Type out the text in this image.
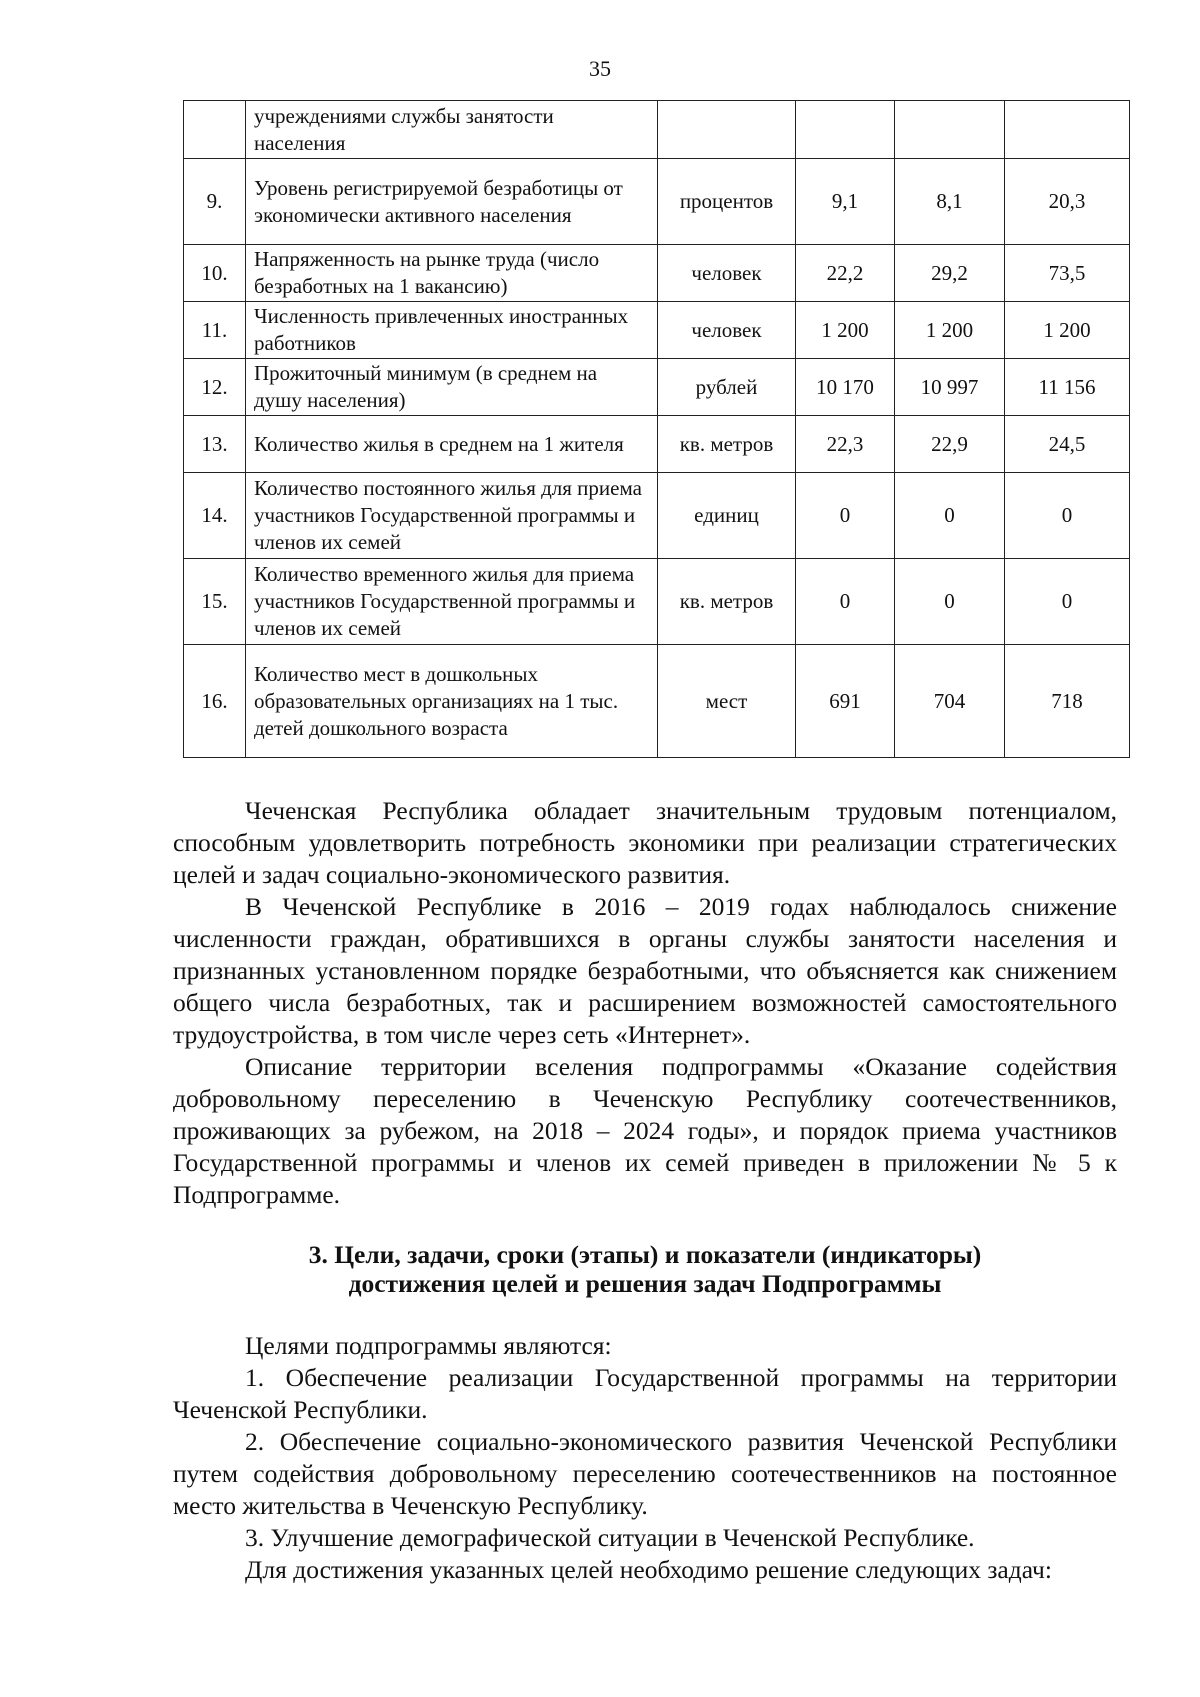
35
	учреждениями службы занятости населения				
9.	Уровень регистрируемой безработицы от экономически активного населения	процентов	9,1	8,1	20,3
10.	Напряженность на рынке труда (число безработных на 1 вакансию)	человек	22,2	29,2	73,5
11.	Численность привлеченных иностранных работников	человек	1 200	1 200	1 200
12.	Прожиточный минимум (в среднем на душу населения)	рублей	10 170	10 997	11 156
13.	Количество жилья в среднем на 1 жителя	кв. метров	22,3	22,9	24,5
14.	Количество постоянного жилья для приема участников Государственной программы и членов их семей	единиц	0	0	0
15.	Количество временного жилья для приема участников Государственной программы и членов их семей	кв. метров	0	0	0
16.	Количество мест в дошкольных образовательных организациях на 1 тыс. детей дошкольного возраста	мест	691	704	718

Чеченская Республика обладает значительным трудовым потенциалом, способным удовлетворить потребность экономики при реализации стратегических целей и задач социально-экономического развития.

В Чеченской Республике в 2016 – 2019 годах наблюдалось снижение численности граждан, обратившихся в органы службы занятости населения и признанных установленном порядке безработными, что объясняется как снижением общего числа безработных, так и расширением возможностей самостоятельного трудоустройства, в том числе через сеть «Интернет».

Описание территории вселения подпрограммы «Оказание содействия добровольному переселению в Чеченскую Республику соотечественников, проживающих за рубежом, на 2018 – 2024 годы», и порядок приема участников Государственной программы и членов их семей приведен в приложении № 5 к Подпрограмме.

3. Цели, задачи, сроки (этапы) и показатели (индикаторы)
достижения целей и решения задач Подпрограммы

Целями подпрограммы являются:

1. Обеспечение реализации Государственной программы на территории Чеченской Республики.

2. Обеспечение социально-экономического развития Чеченской Республики путем содействия добровольному переселению соотечественников на постоянное место жительства в Чеченскую Республику.

3. Улучшение демографической ситуации в Чеченской Республике.

Для достижения указанных целей необходимо решение следующих задач:
